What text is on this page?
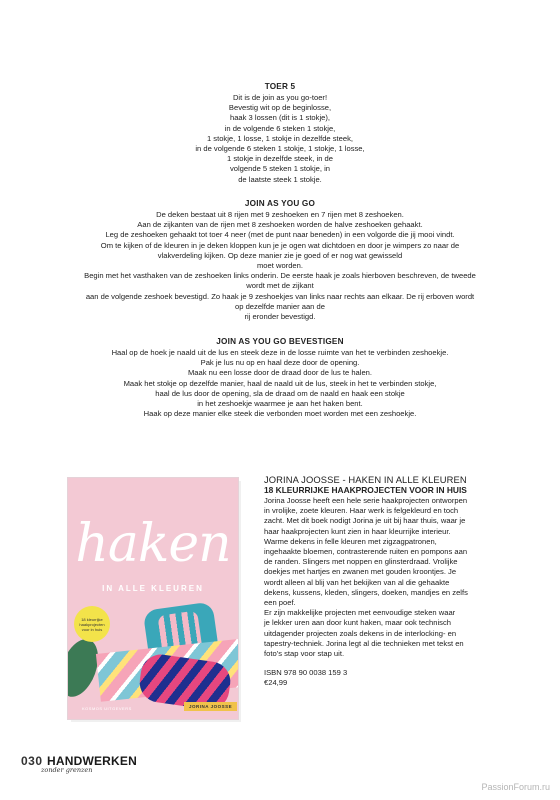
TOER 5

Dit is de join as you go-toer!

Bevestig wit op de beginlosse,

haak 3 lossen (dit is 1 stokje),

in de volgende 6 steken 1 stokje,

1 stokje, 1 losse, 1 stokje in dezelfde steek,

in de volgende 6 steken 1 stokje, 1 stokje, 1 losse,

1 stokje in dezelfde steek, in de

volgende 5 steken 1 stokje, in

de laatste steek 1 stokje.

JOIN AS YOU GO

De deken bestaat uit 8 rijen met 9 zeshoeken en 7 rijen met 8 zeshoeken.

Aan de zijkanten van de rijen met 8 zeshoeken worden de halve zeshoeken gehaakt.

Leg de zeshoeken gehaakt tot toer 4 neer (met de punt naar beneden) in een volgorde die jij mooi vindt.

Om te kijken of de kleuren in je deken kloppen kun je je ogen wat dichtdoen en door je wimpers zo naar de

vlakverdeling kijken. Op deze manier zie je goed of er nog wat gewisseld

moet worden.

Begin met het vasthaken van de zeshoeken links onderin. De eerste haak je zoals hierboven beschreven, de tweede

wordt met de zijkant

aan de volgende zeshoek bevestigd. Zo haak je 9 zeshoekjes van links naar rechts aan elkaar. De rij erboven wordt

op dezelfde manier aan de

rij eronder bevestigd.

JOIN AS YOU GO BEVESTIGEN

Haal op de hoek je naald uit de lus en steek deze in de losse ruimte van het te verbinden zeshoekje.

Pak je lus nu op en haal deze door de opening.

Maak nu een losse door de draad door de lus te halen.

Maak het stokje op dezelfde manier, haal de naald uit de lus, steek in het te verbinden stokje,

haal de lus door de opening, sla de draad om de naald en haak een stokje

in het zeshoekje waarmee je aan het haken bent.

Haak op deze manier elke steek die verbonden moet worden met een zeshoekje.

haken
IN ALLE KLEUREN
18 kleurrijke haakprojecten voor in huis
KOSMOS UITGEVERS	JORINA JOOSSE

JORINA JOOSSE - HAKEN IN ALLE KLEUREN

18 KLEURRIJKE HAAKPROJECTEN VOOR IN HUIS

Jorina Joosse heeft een hele serie haakprojecten ontworpen

in vrolijke, zoete kleuren. Haar werk is felgekleurd en toch

zacht. Met dit boek nodigt Jorina je uit bij haar thuis, waar je

haar haakprojecten kunt zien in haar kleurrijke interieur.

Warme dekens in felle kleuren met zigzagpatronen,

ingehaakte bloemen, contrasterende ruiten en pompons aan

de randen. Slingers met noppen en glinsterdraad. Vrolijke

doekjes met hartjes en zwanen met gouden kroontjes. Je

wordt alleen al blij van het bekijken van al die gehaakte

dekens, kussens, kleden, slingers, doeken, mandjes en zelfs

een poef.

Er zijn makkelijke projecten met eenvoudige steken waar

je lekker uren aan door kunt haken, maar ook technisch

uitdagender projecten zoals dekens in de interlocking- en

tapestry-techniek. Jorina legt al die technieken met tekst en

foto’s stap voor stap uit.

ISBN 978 90 0038 159 3

€24,99

030 HANDWERKEN
zonder grenzen
PassionForum.ru
